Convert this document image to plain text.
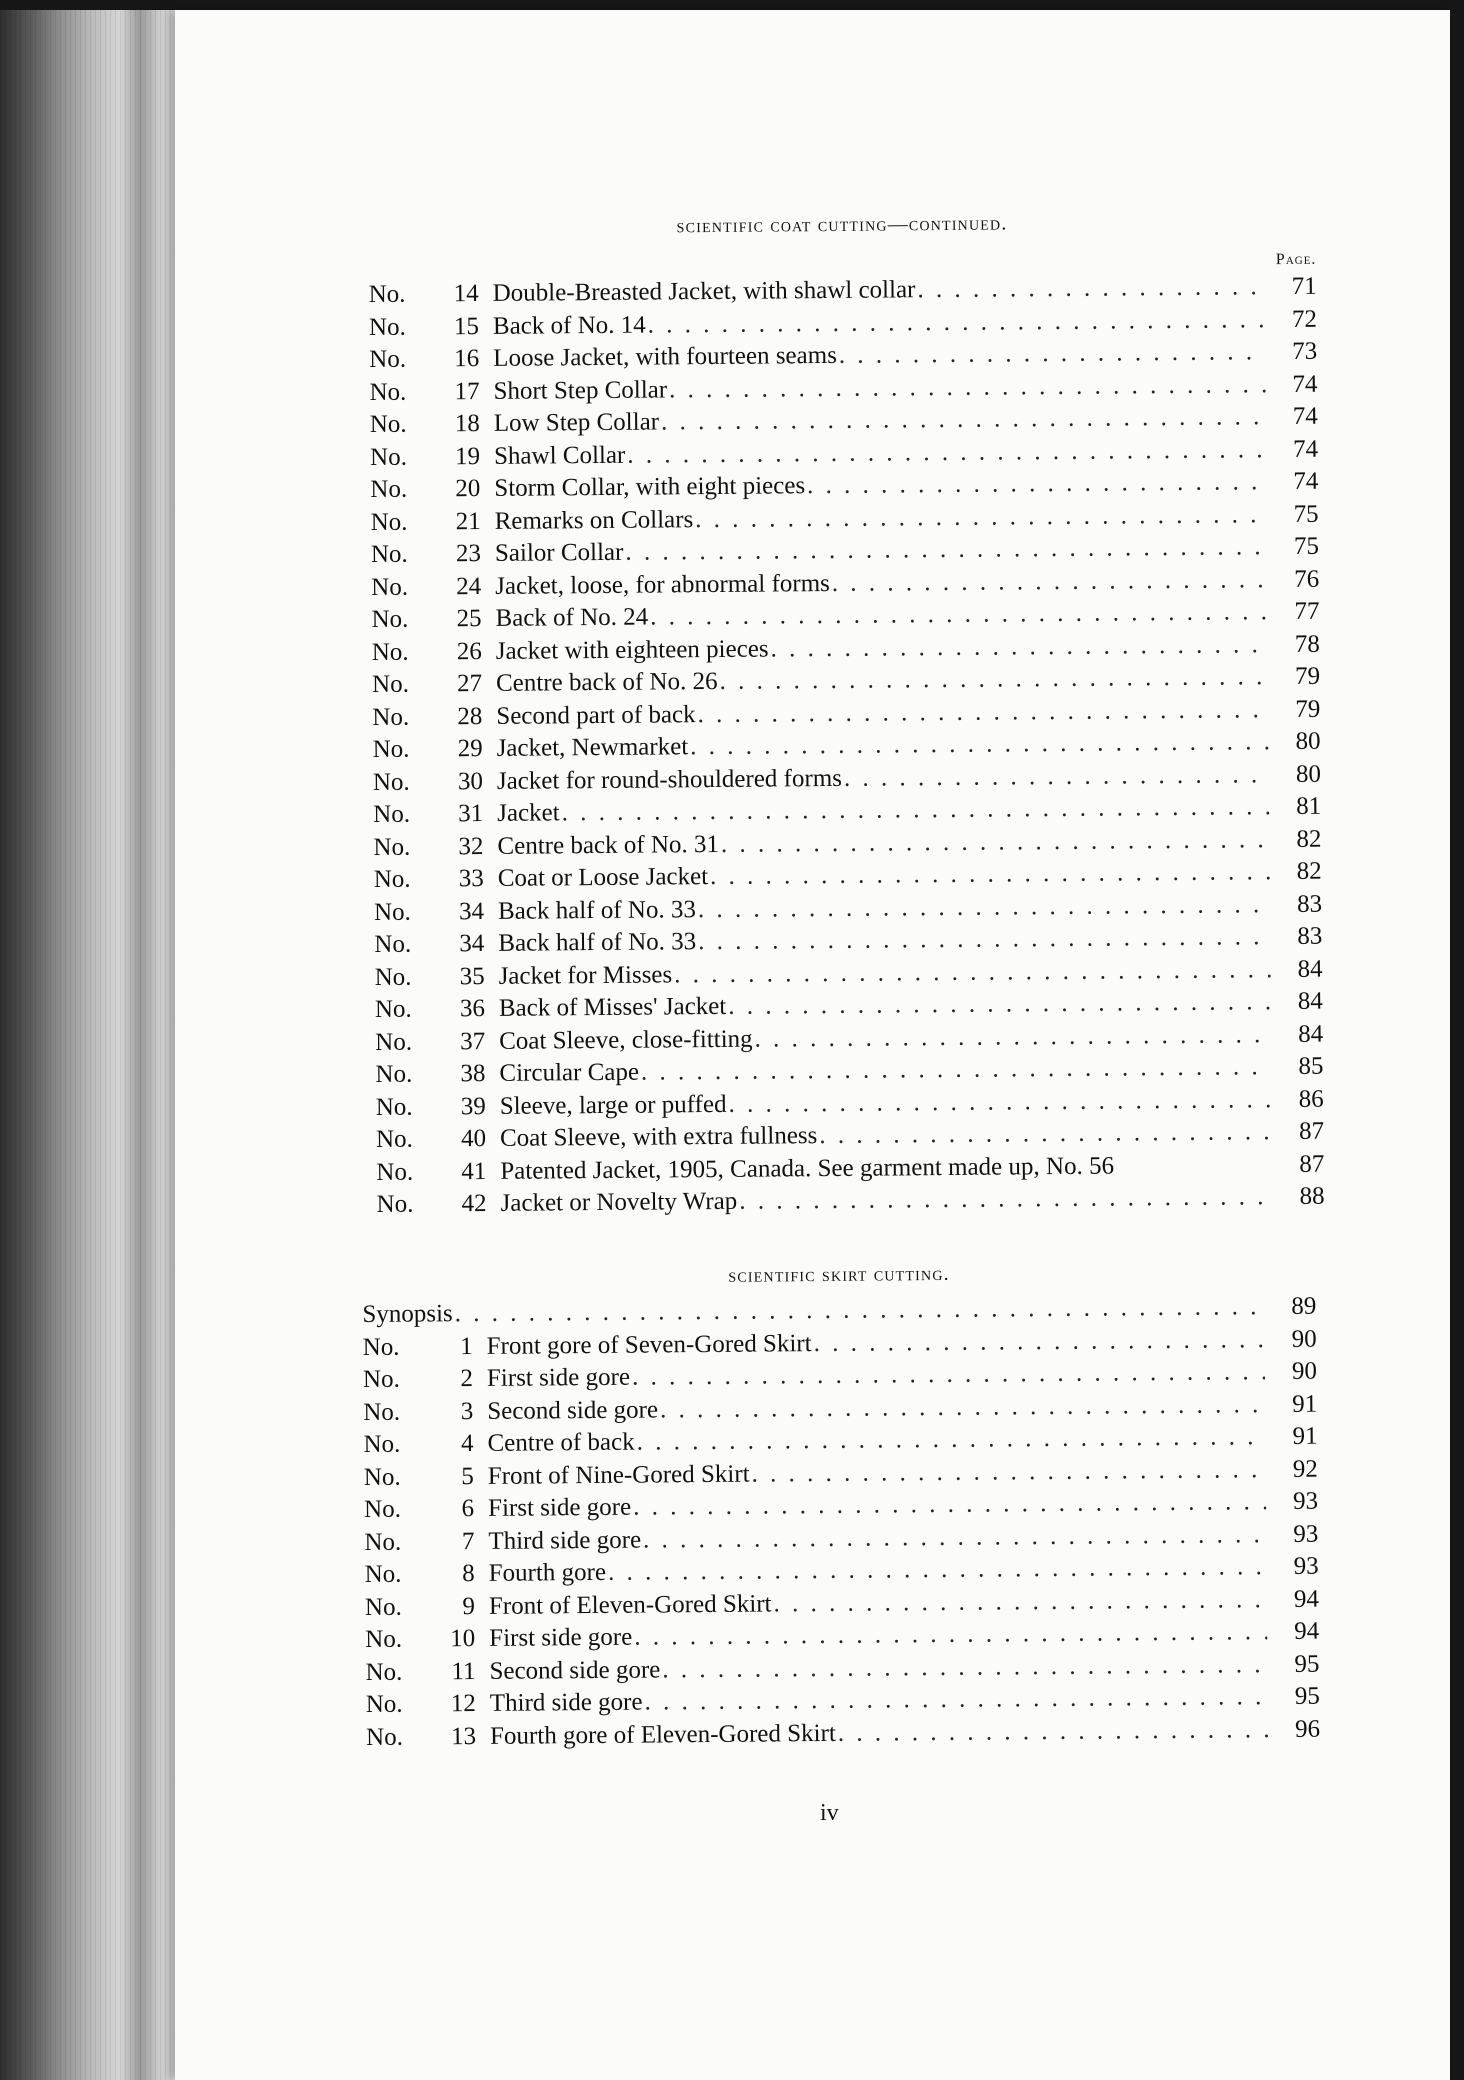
scientific coat cutting—continued.
Page.
No.	14 Double-Breasted Jacket, with shawl collar . . .	71
No.	15 Back of No. 14 . . .	72
No.	16 Loose Jacket, with fourteen seams . . .	73
No.	17 Short Step Collar . . .	74
No.	18 Low Step Collar . . .	74
No.	19 Shawl Collar . . .	74
No.	20 Storm Collar, with eight pieces . . .	74
No.	21 Remarks on Collars . . .	75
No.	23 Sailor Collar . . .	75
No.	24 Jacket, loose, for abnormal forms . . .	76
No.	25 Back of No. 24 . . .	77
No.	26 Jacket with eighteen pieces . . .	78
No.	27 Centre back of No. 26 . . .	79
No.	28 Second part of back . . .	79
No.	29 Jacket, Newmarket . . .	80
No.	30 Jacket for round-shouldered forms . . .	80
No.	31 Jacket . . .	81
No.	32 Centre back of No. 31 . . .	82
No.	33 Coat or Loose Jacket . . .	82
No.	34 Back half of No. 33 . . .	83
No.	34 Back half of No. 33 . . .	83
No.	35 Jacket for Misses . . .	84
No.	36 Back of Misses' Jacket . . .	84
No.	37 Coat Sleeve, close-fitting . . .	84
No.	38 Circular Cape . . .	85
No.	39 Sleeve, large or puffed . . .	86
No.	40 Coat Sleeve, with extra fullness . . .	87
No.	41 Patented Jacket, 1905, Canada. See garment made up, No. 56	87
No.	42 Jacket or Novelty Wrap . . .	88
scientific skirt cutting.
Synopsis . . .	89
No.	1 Front gore of Seven-Gored Skirt . . .	90
No.	2 First side gore . . .	90
No.	3 Second side gore . . .	91
No.	4 Centre of back . . .	91
No.	5 Front of Nine-Gored Skirt . . .	92
No.	6 First side gore . . .	93
No.	7 Third side gore . . .	93
No.	8 Fourth gore . . .	93
No.	9 Front of Eleven-Gored Skirt . . .	94
No.	10 First side gore . . .	94
No.	11 Second side gore . . .	95
No.	12 Third side gore . . .	95
No.	13 Fourth gore of Eleven-Gored Skirt . . .	96
iv
